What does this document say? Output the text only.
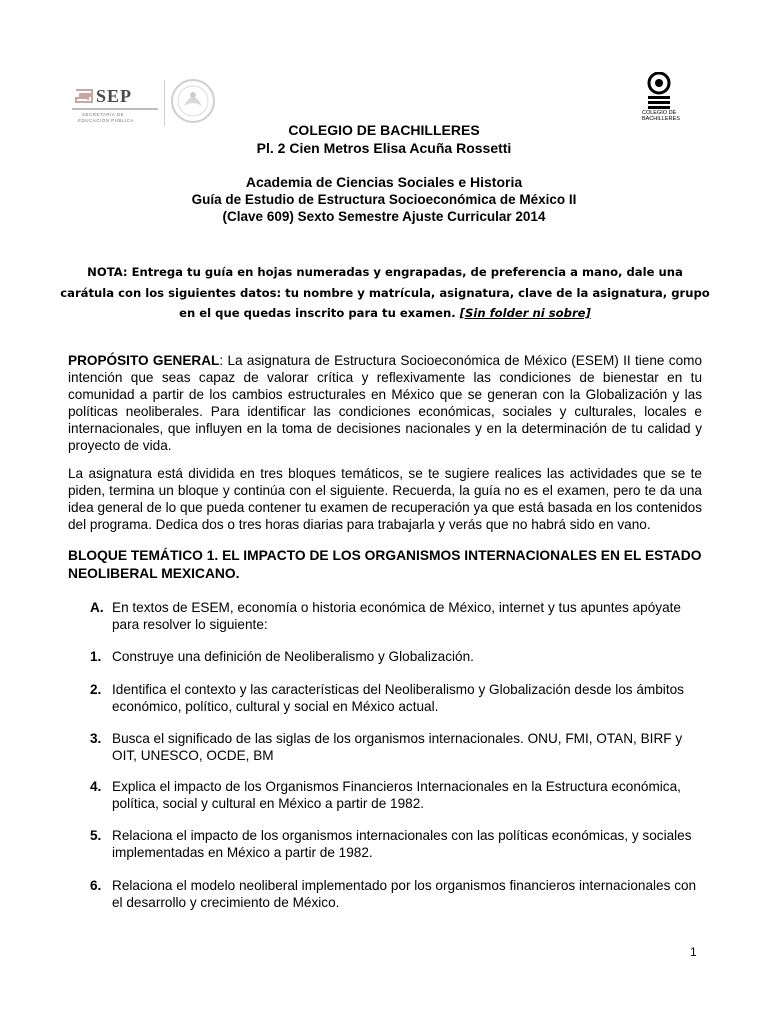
SEP
SECRETARÍA DE
EDUCACIÓN PÚBLICA
COLEGIO DE
BACHILLERES
COLEGIO DE BACHILLERES
Pl. 2 Cien Metros Elisa Acuña Rossetti
Academia de Ciencias Sociales e Historia
Guía de Estudio de Estructura Socioeconómica de México II
(Clave 609) Sexto Semestre Ajuste Curricular 2014
NOTA: Entrega tu guía en hojas numeradas y engrapadas, de preferencia a mano, dale una carátula con los siguientes datos: tu nombre y matrícula, asignatura, clave de la asignatura, grupo en el que quedas inscrito para tu examen. [Sin folder ni sobre]
PROPÓSITO GENERAL: La asignatura de Estructura Socioeconómica de México (ESEM) II tiene como intención que seas capaz de valorar crítica y reflexivamente las condiciones de bienestar en tu comunidad a partir de los cambios estructurales en México que se generan con la Globalización y las políticas neoliberales. Para identificar las condiciones económicas, sociales y culturales, locales e internacionales, que influyen en la toma de decisiones nacionales y en la determinación de tu calidad y proyecto de vida.
La asignatura está dividida en tres bloques temáticos, se te sugiere realices las actividades que se te piden, termina un bloque y continúa con el siguiente. Recuerda, la guía no es el examen, pero te da una idea general de lo que pueda contener tu examen de recuperación ya que está basada en los contenidos del programa. Dedica dos o tres horas diarias para trabajarla y verás que no habrá sido en vano.
BLOQUE TEMÁTICO 1. EL IMPACTO DE LOS ORGANISMOS INTERNACIONALES EN EL ESTADO NEOLIBERAL MEXICANO.
A. En textos de ESEM, economía o historia económica de México, internet y tus apuntes apóyate para resolver lo siguiente:
1. Construye una definición de Neoliberalismo y Globalización.
2. Identifica el contexto y las características del Neoliberalismo y Globalización desde los ámbitos económico, político, cultural y social en México actual.
3. Busca el significado de las siglas de los organismos internacionales. ONU, FMI, OTAN, BIRF y OIT, UNESCO, OCDE, BM
4. Explica el impacto de los Organismos Financieros Internacionales en la Estructura económica, política, social y cultural en México a partir de 1982.
5. Relaciona el impacto de los organismos internacionales con las políticas económicas, y sociales implementadas en México a partir de 1982.
6. Relaciona el modelo neoliberal implementado por los organismos financieros internacionales con el desarrollo y crecimiento de México.
1
